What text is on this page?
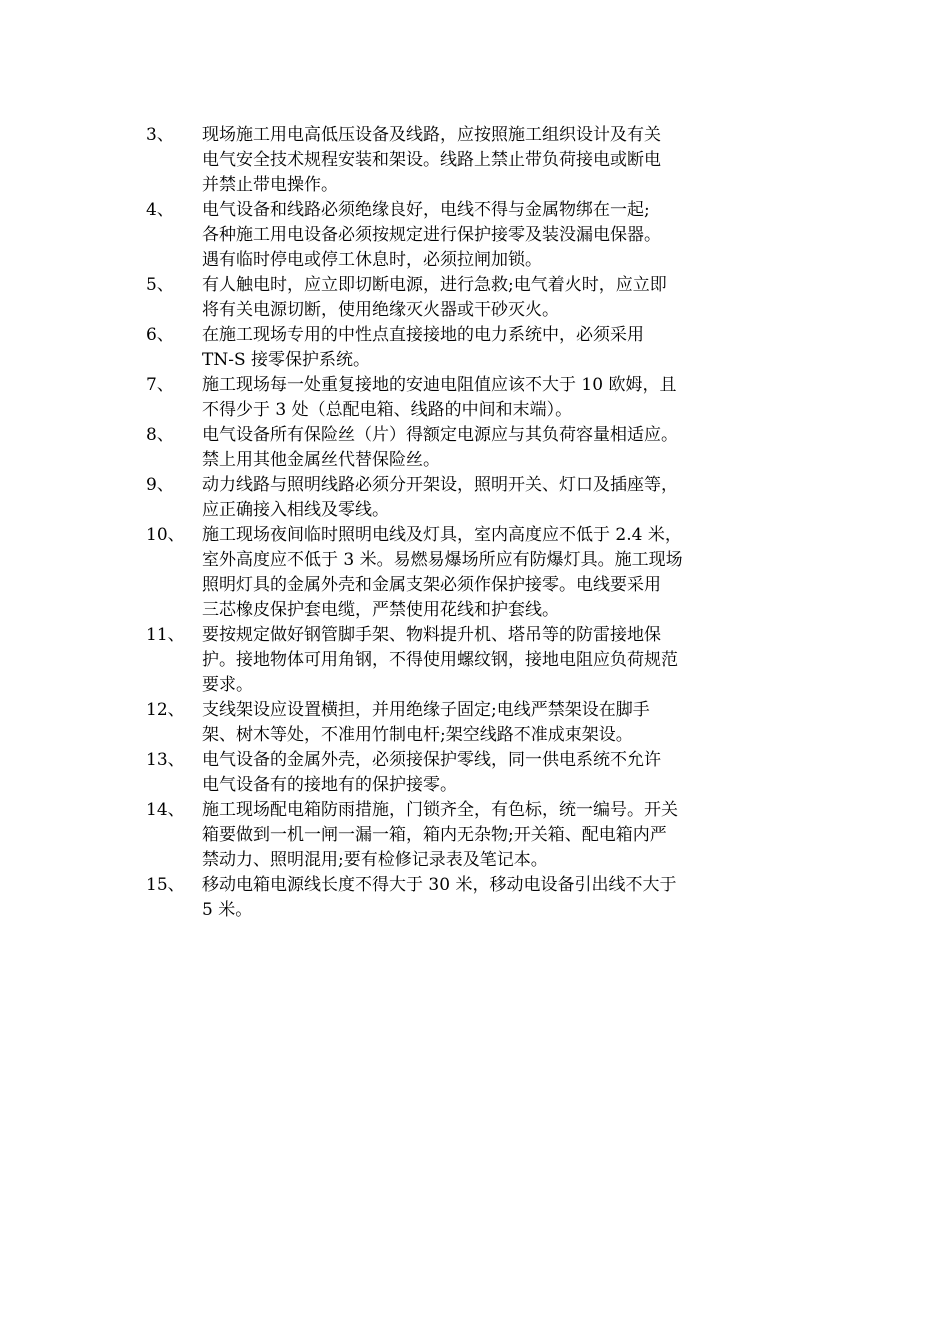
3、	现场施工用电高低压设备及线路，应按照施工组织设计及有关
电气安全技术规程安装和架设。线路上禁止带负荷接电或断电
并禁止带电操作。
4、	电气设备和线路必须绝缘良好，电线不得与金属物绑在一起;
各种施工用电设备必须按规定进行保护接零及装没漏电保器。
遇有临时停电或停工休息时，必须拉闸加锁。
5、	有人触电时，应立即切断电源，进行急救;电气着火时，应立即
将有关电源切断，使用绝缘灭火器或干砂灭火。
6、	在施工现场专用的中性点直接接地的电力系统中，必须采用
TN-S 接零保护系统。
7、	施工现场每一处重复接地的安迪电阻值应该不大于 10 欧姆，且
不得少于 3 处（总配电箱、线路的中间和末端）。
8、	电气设备所有保险丝（片）得额定电源应与其负荷容量相适应。
禁上用其他金属丝代替保险丝。
9、	动力线路与照明线路必须分开架设，照明开关、灯口及插座等，
应正确接入相线及零线。
10、	施工现场夜间临时照明电线及灯具，室内高度应不低于 2.4 米，
室外高度应不低于 3 米。易燃易爆场所应有防爆灯具。施工现场
照明灯具的金属外壳和金属支架必须作保护接零。电线要采用
三芯橡皮保护套电缆，严禁使用花线和护套线。
11、	要按规定做好钢管脚手架、物料提升机、塔吊等的防雷接地保
护。接地物体可用角钢，不得使用螺纹钢，接地电阻应负荷规范
要求。
12、	支线架设应设置横担，并用绝缘子固定;电线严禁架设在脚手
架、树木等处，不准用竹制电杆;架空线路不准成束架设。
13、	电气设备的金属外壳，必须接保护零线，同一供电系统不允许
电气设备有的接地有的保护接零。
14、	施工现场配电箱防雨措施，门锁齐全，有色标，统一编号。开关
箱要做到一机一闸一漏一箱，箱内无杂物;开关箱、配电箱内严
禁动力、照明混用;要有检修记录表及笔记本。
15、	移动电箱电源线长度不得大于 30 米，移动电设备引出线不大于
5 米。
